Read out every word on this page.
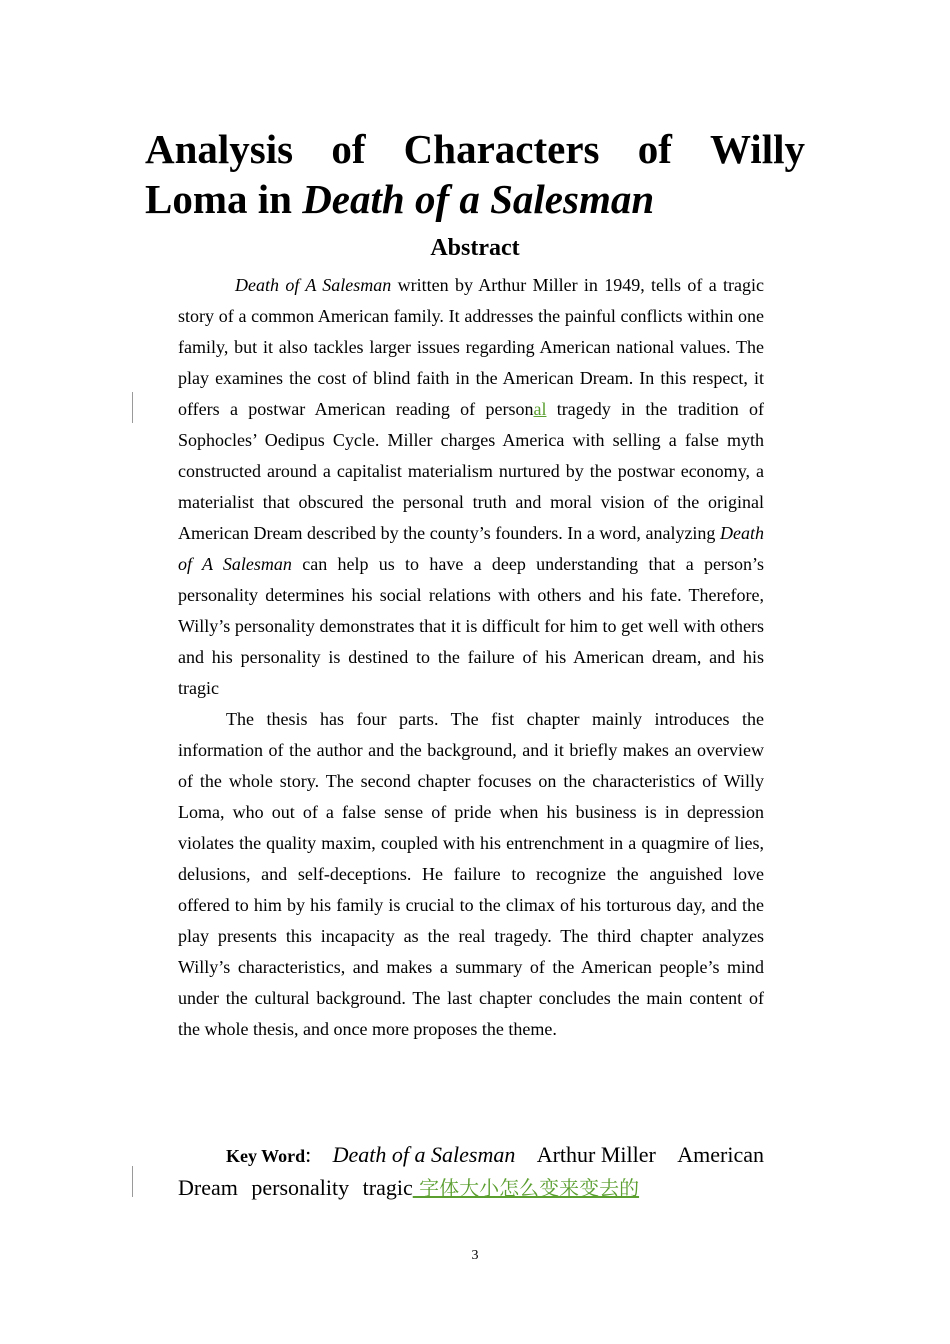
Analysis of Characters of Willy
Loma in Death of a Salesman
Abstract

Death of A Salesman written by Arthur Miller in 1949, tells of a tragic story of a common American family. It addresses the painful conflicts within one family, but it also tackles larger issues regarding American national values. The play examines the cost of blind faith in the American Dream. In this respect, it offers a postwar American reading of personal tragedy in the tradition of Sophocles’ Oedipus Cycle. Miller charges America with selling a false myth constructed around a capitalist materialism nurtured by the postwar economy, a materialist that obscured the personal truth and moral vision of the original American Dream described by the county’s founders. In a word, analyzing Death of A Salesman can help us to have a deep understanding that a person’s personality determines his social relations with others and his fate. Therefore, Willy’s personality demonstrates that it is difficult for him to get well with others and his personality is destined to the failure of his American dream, and his tragic

The thesis has four parts. The fist chapter mainly introduces the information of the author and the background, and it briefly makes an overview of the whole story. The second chapter focuses on the characteristics of Willy Loma, who out of a false sense of pride when his business is in depression violates the quality maxim, coupled with his entrenchment in a quagmire of lies, delusions, and self-deceptions. He failure to recognize the anguished love offered to him by his family is crucial to the climax of his torturous day, and the play presents this incapacity as the real tragedy. The third chapter analyzes Willy’s characteristics, and makes a summary of the American people’s mind under the cultural background. The last chapter concludes the main content of the whole thesis, and once more proposes the theme.

Key Word: Death of a Salesman Arthur Miller American
Dream personality tragic 字体大小怎么变来变去的

3
